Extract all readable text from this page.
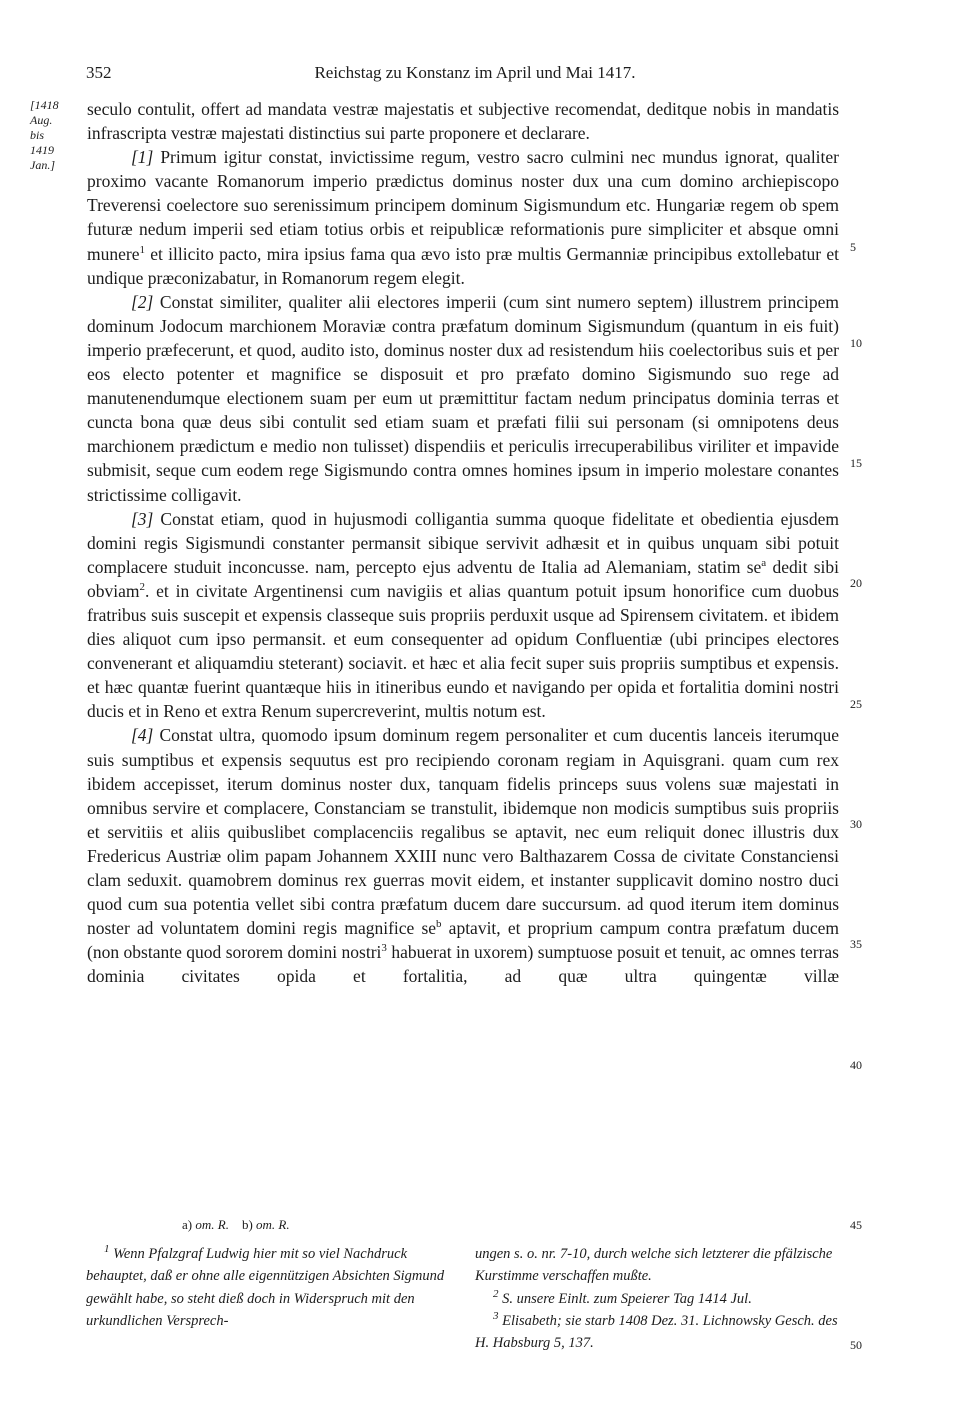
352	Reichstag zu Konstanz im April und Mai 1417.
[1418
Aug.
bis
1419
Jan.]

seculo contulit, offert ad mandata vestræ majestatis et subjective recomendat, deditque nobis in mandatis infrascripta vestræ majestati distinctius sui parte proponere et declarare.

[1] Primum igitur constat, invictissime regum, vestro sacro culmini nec mundus ignorat, qualiter proximo vacante Romanorum imperio prædictus dominus noster dux una cum domino archiepiscopo Treverensi coelectore suo serenissimum principem dominum Sigismundum etc. Hungariæ regem ob spem futuræ nedum imperii sed etiam totius orbis et reipublicæ reformationis pure simpliciter et absque omni munere$^1$ et illicito pacto, mira ipsius fama qua ævo isto præ multis Germanniæ principibus extollebatur et undique præconizabatur, in Romanorum regem elegit.

[2] Constat similiter, qualiter alii electores imperii (cum sint numero septem) illustrem principem dominum Jodocum marchionem Moraviæ contra præfatum dominum Sigismundum (quantum in eis fuit) imperio præfecerunt, et quod, audito isto, dominus noster dux ad resistendum hiis coelectoribus suis et per eos electo potenter et magnifice se disposuit et pro præfato domino Sigismundo suo rege ad manutenendumque electionem suam per eum ut præmittitur factam nedum principatus dominia terras et cuncta bona quæ deus sibi contulit sed etiam suam et præfati filii sui personam (si omnipotens deus marchionem prædictum e medio non tulisset) dispendiis et periculis irrecuperabilibus viriliter et impavide submisit, seque cum eodem rege Sigismundo contra omnes homines ipsum in imperio molestare conantes strictissime colligavit.

[3] Constat etiam, quod in hujusmodi colligantia summa quoque fidelitate et obedientia ejusdem domini regis Sigismundi constanter permansit sibique servivit adhæsit et in quibus unquam sibi potuit complacere studuit inconcusse. nam, percepto ejus adventu de Italia ad Alemaniam, statim $se^a$ dedit sibi obviam$^2$. et in civitate Argentinensi cum navigiis et alias quantum potuit ipsum honorifice cum duobus fratribus suis suscepit et expensis classeque suis propriis perduxit usque ad Spirensem civitatem. et ibidem dies aliquot cum ipso permansit. et eum consequenter ad opidum Confluentiæ (ubi principes electores convenerant et aliquamdiu steterant) sociavit. et hæc et alia fecit super suis propriis sumptibus et expensis. et hæc quantæ fuerint quantæque hiis in itineribus eundo et navigando per opida et fortalitia domini nostri ducis et in Reno et extra Renum supercreverint, multis notum est.

[4] Constat ultra, quomodo ipsum dominum regem personaliter et cum ducentis lanceis iterumque suis sumptibus et expensis sequutus est pro recipiendo coronam regiam in Aquisgrani. quam cum rex ibidem accepisset, iterum dominus noster dux, tanquam fidelis princeps suus volens suæ majestati in omnibus servire et complacere, Constanciam se transtulit, ibidemque non modicis sumptibus suis propriis et servitiis et aliis quibuslibet complacenciis regalibus se aptavit, nec eum reliquit donec illustris dux Fredericus Austriæ olim papam Johannem XXIII nunc vero Balthazarem Cossa de civitate Constanciensi clam seduxit. quamobrem dominus rex guerras movit eidem, et instanter supplicavit domino nostro duci quod cum sua potentia vellet sibi contra præfatum ducem dare succursum. ad quod iterum item dominus noster ad voluntatem domini regis magnifice $se^b$ aptavit, et proprium campum contra præfatum ducem (non obstante quod sororem domini nostri$^3$ habuerat in uxorem) sumptuose posuit et tenuit, ac omnes terras dominia civitates opida et fortalitia, ad quæ ultra quingentæ villæ

5
10
15
20
25
30
35
40
45
50
a) om. R. b) om. R.

$^1$ Wenn Pfalzgraf Ludwig hier mit so viel Nachdruck behauptet, daß er ohne alle eigennützigen Absichten Sigmund gewählt habe, so steht dieß doch in Widerspruch mit den urkundlichen Versprech-

ungen s. o. nr. 7-10, durch welche sich letzterer die pfälzische Kurstimme verschaffen mußte.

$^2$ S. unsere Einlt. zum Speierer Tag 1414 Jul.

$^3$ Elisabeth; sie starb 1408 Dez. 31. Lichnowsky Gesch. des H. Habsburg 5, 137.
